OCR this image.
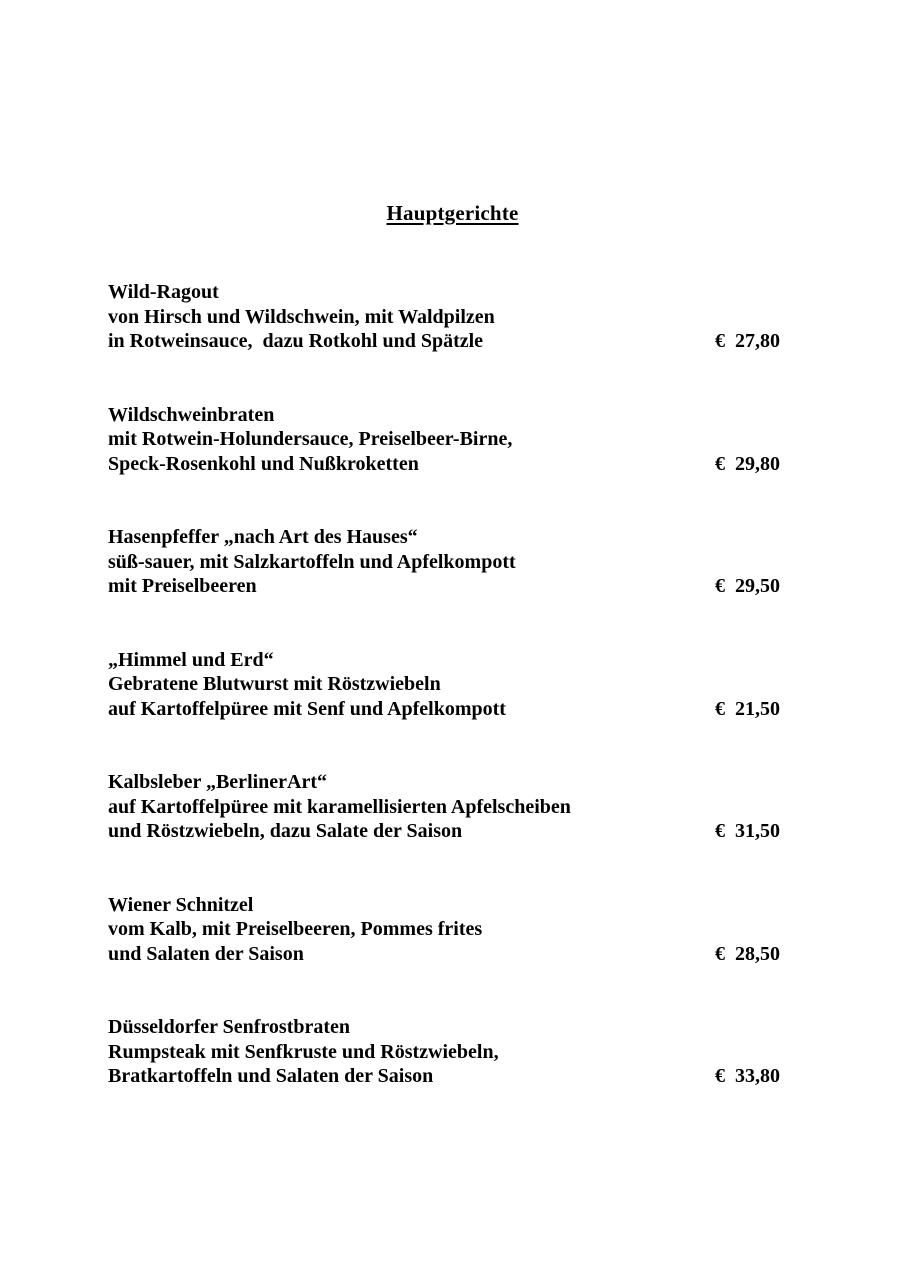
Hauptgerichte
Wild-Ragout
von Hirsch und Wildschwein, mit Waldpilzen
in Rotweinsauce,  dazu Rotkohl und Spätzle	€  27,80
Wildschweinbraten
mit Rotwein-Holundersauce, Preiselbeer-Birne,
Speck-Rosenkohl und Nußkroketten	€  29,80
Hasenpfeffer „nach Art des Hauses“
süß-sauer, mit Salzkartoffeln und Apfelkompott
mit Preiselbeeren	€  29,50
„Himmel und Erd“
Gebratene Blutwurst mit Röstzwiebeln
auf Kartoffelpüree mit Senf und Apfelkompott	€  21,50
Kalbsleber „BerlinerArt“
auf Kartoffelpüree mit karamellisierten Apfelscheiben
und Röstzwiebeln, dazu Salate der Saison	€  31,50
Wiener Schnitzel
vom Kalb, mit Preiselbeeren, Pommes frites
und Salaten der Saison	€  28,50
Düsseldorfer Senfrostbraten
Rumpsteak mit Senfkruste und Röstzwiebeln,
Bratkartoffeln und Salaten der Saison	€  33,80
